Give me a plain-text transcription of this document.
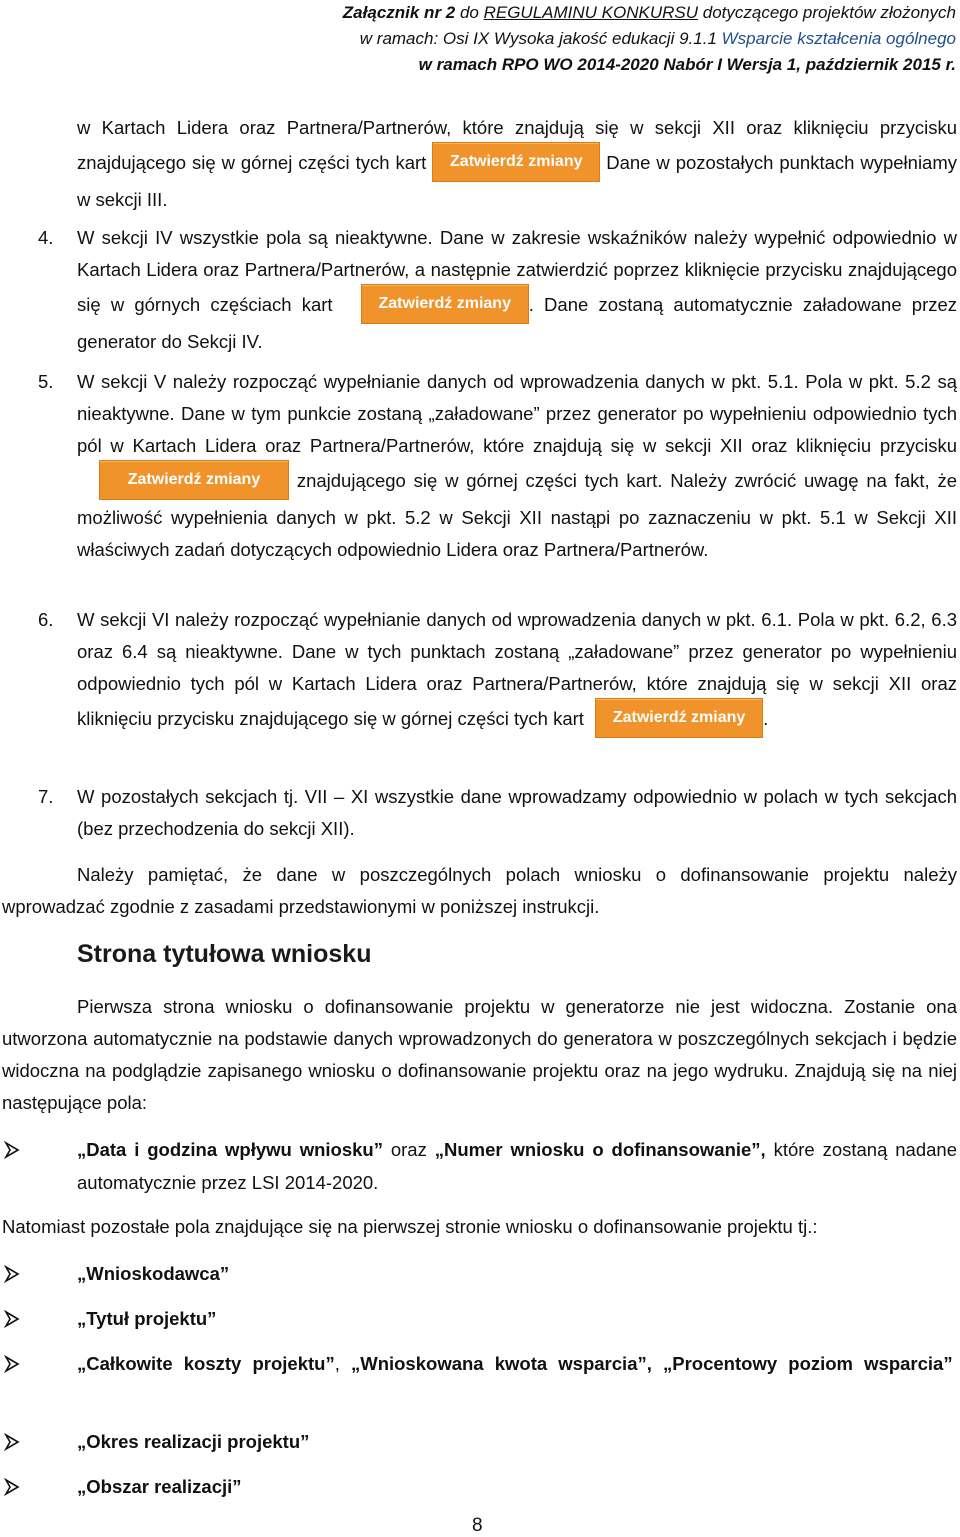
Załącznik nr 2 do REGULAMINU KONKURSU dotyczącego projektów złożonych
w ramach: Osi IX Wysoka jakość edukacji 9.1.1 Wsparcie kształcenia ogólnego
w ramach RPO WO 2014-2020 Nabór I Wersja 1, październik 2015 r.
w Kartach Lidera oraz Partnera/Partnerów, które znajdują się w sekcji XII oraz kliknięciu przycisku znajdującego się w górnej części tych kart Zatwierdź zmiany Dane w pozostałych punktach wypełniamy w sekcji III.
4. W sekcji IV wszystkie pola są nieaktywne. Dane w zakresie wskaźników należy wypełnić odpowiednio w Kartach Lidera oraz Partnera/Partnerów, a następnie zatwierdzić poprzez kliknięcie przycisku znajdującego się w górnych częściach kart	Zatwierdź zmiany . Dane zostaną automatycznie załadowane przez generator do Sekcji IV.
5. W sekcji V należy rozpocząć wypełnianie danych od wprowadzenia danych w pkt. 5.1. Pola w pkt. 5.2 są nieaktywne. Dane w tym punkcie zostaną „załadowane” przez generator po wypełnieniu odpowiednio tych pól w Kartach Lidera oraz Partnera/Partnerów, które znajdują się w sekcji XII oraz kliknięciu przycisku Zatwierdź zmiany znajdującego się w górnej części tych kart. Należy zwrócić uwagę na fakt, że możliwość wypełnienia danych w pkt. 5.2 w Sekcji XII nastąpi po zaznaczeniu w pkt. 5.1 w Sekcji XII właściwych zadań dotyczących odpowiednio Lidera oraz Partnera/Partnerów.
6. W sekcji VI należy rozpocząć wypełnianie danych od wprowadzenia danych w pkt. 6.1. Pola w pkt. 6.2, 6.3 oraz 6.4 są nieaktywne. Dane w tych punktach zostaną „załadowane” przez generator po wypełnieniu odpowiednio tych pól w Kartach Lidera oraz Partnera/Partnerów, które znajdują się w sekcji XII oraz kliknięciu przycisku znajdującego się w górnej części tych kart Zatwierdź zmiany .
7. W pozostałych sekcjach tj. VII – XI wszystkie dane wprowadzamy odpowiednio w polach w tych sekcjach (bez przechodzenia do sekcji XII).
Należy pamiętać, że dane w poszczególnych polach wniosku o dofinansowanie projektu należy wprowadzać zgodnie z zasadami przedstawionymi w poniższej instrukcji.
Strona tytułowa wniosku
Pierwsza strona wniosku o dofinansowanie projektu w generatorze nie jest widoczna. Zostanie ona utworzona automatycznie na podstawie danych wprowadzonych do generatora w poszczególnych sekcjach i będzie widoczna na podglądzie zapisanego wniosku o dofinansowanie projektu oraz na jego wydruku. Znajdują się na niej następujące pola:
„Data i godzina wpływu wniosku” oraz „Numer wniosku o dofinansowanie”, które zostaną nadane automatycznie przez LSI 2014-2020.
Natomiast pozostałe pola znajdujące się na pierwszej stronie wniosku o dofinansowanie projektu tj.:
„Wnioskodawca”
„Tytuł projektu”
„Całkowite koszty projektu”, „Wnioskowana kwota wsparcia”, „Procentowy poziom wsparcia”
„Okres realizacji projektu”
„Obszar realizacji”
8
